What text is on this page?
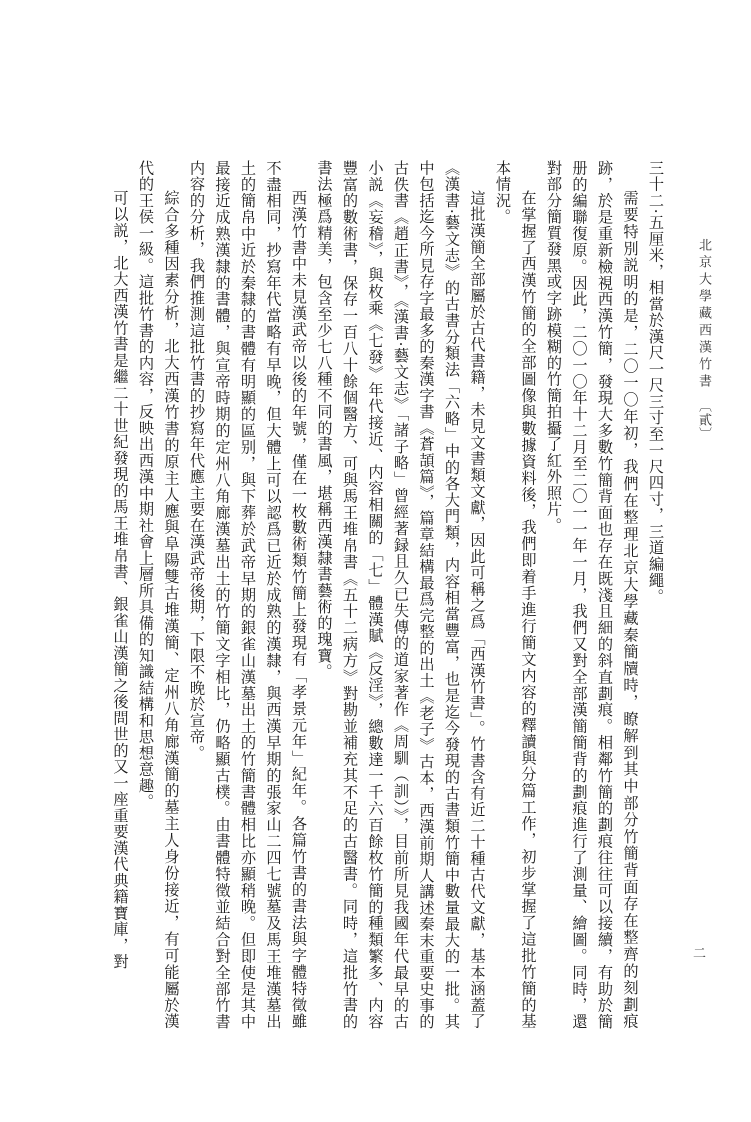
北京大學藏西漢竹書〔貳〕
二

三十二·五厘米，相當於漢尺一尺三寸至一尺四寸，三道編繩。

需要特別説明的是，二〇一〇年初，我們在整理北京大學藏秦簡牘時，瞭解到其中部分竹簡背面存在整齊的刻劃痕跡，於是重新檢視西漢竹簡，發現大多數竹簡背面也存在既淺且細的斜直劃痕。相鄰竹簡的劃痕往往可以接續，有助於簡册的編聯復原。因此，二〇一〇年十二月至二〇一一年一月，我們又對全部漢簡簡背的劃痕進行了測量、繪圖。同時，還對部分簡質發黑或字跡模糊的竹簡拍攝了紅外照片。

在掌握了西漢竹簡的全部圖像與數據資料後，我們即着手進行簡文内容的釋讀與分篇工作，初步掌握了這批竹簡的基本情況。

這批漢簡全部屬於古代書籍，未見文書類文獻，因此可稱之爲「西漢竹書」。竹書含有近二十種古代文獻，基本涵蓋了《漢書·藝文志》的古書分類法「六略」中的各大門類，内容相當豐富，也是迄今發現的古書類竹簡中數量最大的一批。其中包括迄今所見存字最多的秦漢字書《蒼頡篇》，篇章結構最爲完整的出土《老子》古本，西漢前期人講述秦末重要史事的古佚書《趙正書》，《漢書·藝文志》「諸子略」曾經著録且久已失傳的道家著作《周馴（訓）》，目前所見我國年代最早的古小説《妄稽》，與枚乘《七發》年代接近、内容相關的「七」體漢賦《反淫》，總數達一千六百餘枚竹簡的種類繁多、内容豐富的數術書，保存一百八十餘個醫方、可與馬王堆帛書《五十二病方》對勘並補充其不足的古醫書。同時，這批竹書的書法極爲精美，包含至少七八種不同的書風，堪稱西漢隸書藝術的瑰寶。

西漢竹書中未見漢武帝以後的年號，僅在一枚數術類竹簡上發現有「孝景元年」紀年。各篇竹書的書法與字體特徵雖不盡相同，抄寫年代當略有早晚，但大體上可以認爲已近於成熟的漢隸，與西漢早期的張家山二四七號墓及馬王堆漢墓出土的簡帛中近於秦隸的書體有明顯的區别，與下葬於武帝早期的銀雀山漢墓出土的竹簡書體相比亦顯稍晚。但即使是其中最接近成熟漢隸的書體，與宣帝時期的定州八角廊漢墓出土的竹簡文字相比，仍略顯古樸。由書體特徵並結合對全部竹書内容的分析，我們推測這批竹書的抄寫年代應主要在漢武帝後期，下限不晚於宣帝。

綜合多種因素分析，北大西漢竹書的原主人應與阜陽雙古堆漢簡、定州八角廊漢簡的墓主人身份接近，有可能屬於漢代的王侯一級。這批竹書的内容，反映出西漢中期社會上層所具備的知識結構和思想意趣。

可以説，北大西漢竹書是繼二十世紀發現的馬王堆帛書、銀雀山漢簡之後問世的又一座重要漢代典籍寶庫，對
